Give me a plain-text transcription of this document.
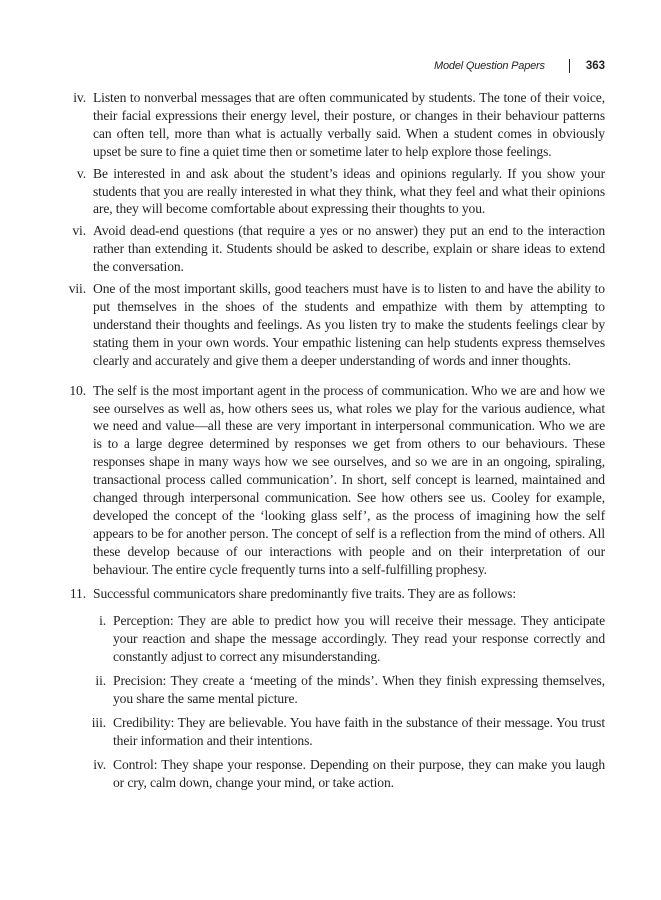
Model Question Papers	363
iv. Listen to nonverbal messages that are often communicated by students. The tone of their voice, their facial expressions their energy level, their posture, or changes in their behaviour patterns can often tell, more than what is actually verbally said. When a student comes in obviously upset be sure to fine a quiet time then or sometime later to help explore those feelings.
v. Be interested in and ask about the student’s ideas and opinions regularly. If you show your students that you are really interested in what they think, what they feel and what their opinions are, they will become comfortable about expressing their thoughts to you.
vi. Avoid dead-end questions (that require a yes or no answer) they put an end to the interaction rather than extending it. Students should be asked to describe, explain or share ideas to extend the conversation.
vii. One of the most important skills, good teachers must have is to listen to and have the ability to put themselves in the shoes of the students and empathize with them by attempting to understand their thoughts and feelings. As you listen try to make the students feelings clear by stating them in your own words. Your empathic listening can help students express themselves clearly and accurately and give them a deeper understanding of words and inner thoughts.
10. The self is the most important agent in the process of communication. Who we are and how we see ourselves as well as, how others sees us, what roles we play for the various audience, what we need and value—all these are very important in interpersonal communication. Who we are is to a large degree determined by responses we get from others to our behaviours. These responses shape in many ways how we see ourselves, and so we are in an ongoing, spiraling, transactional process called communication’. In short, self concept is learned, maintained and changed through interpersonal communication. See how others see us. Cooley for example, developed the concept of the ‘looking glass self’, as the process of imagining how the self appears to be for another person. The concept of self is a reflection from the mind of others. All these develop because of our interactions with people and on their interpretation of our behaviour. The entire cycle frequently turns into a self-fulfilling prophesy.
11. Successful communicators share predominantly five traits. They are as follows:
i. Perception: They are able to predict how you will receive their message. They anticipate your reaction and shape the message accordingly. They read your response correctly and constantly adjust to correct any misunderstanding.
ii. Precision: They create a ‘meeting of the minds’. When they finish expressing themselves, you share the same mental picture.
iii. Credibility: They are believable. You have faith in the substance of their message. You trust their information and their intentions.
iv. Control: They shape your response. Depending on their purpose, they can make you laugh or cry, calm down, change your mind, or take action.
